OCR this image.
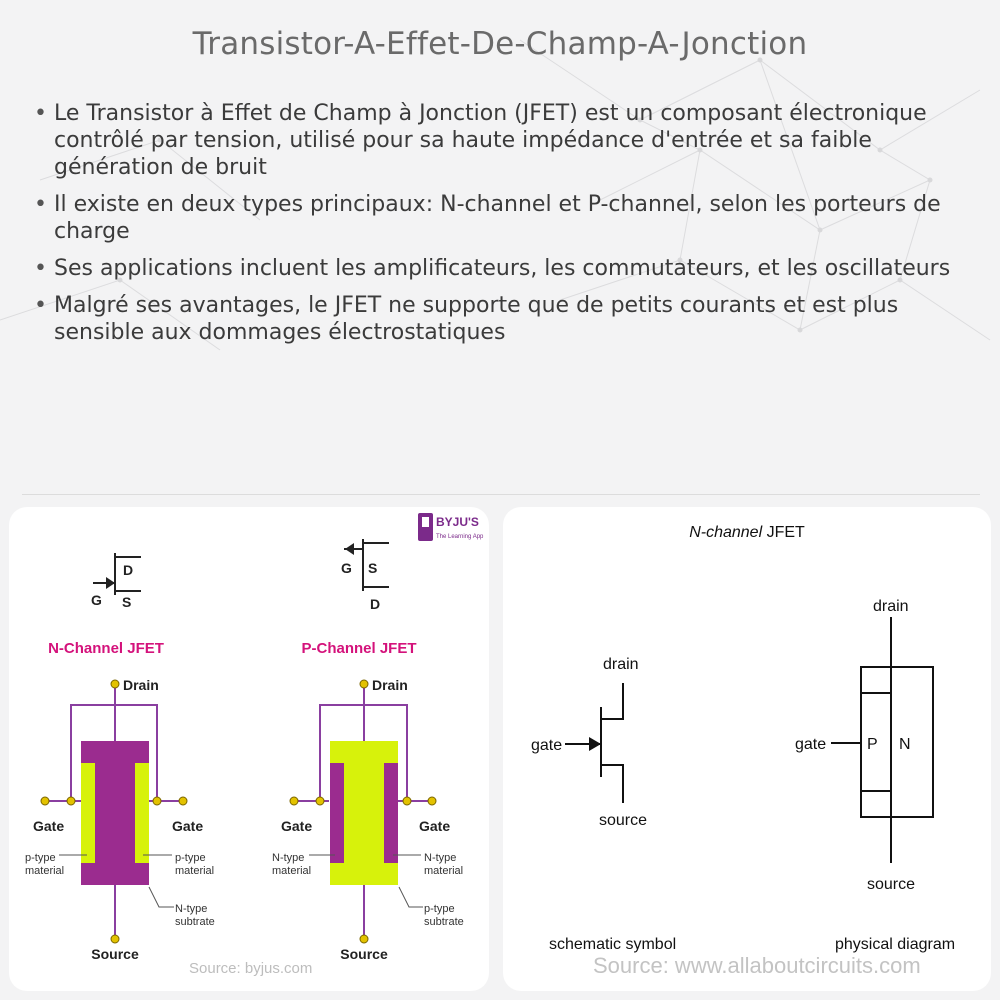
Transistor-A-Effet-De-Champ-A-Jonction
• Le Transistor à Effet de Champ à Jonction (JFET) est un composant électronique contrôlé par tension, utilisé pour sa haute impédance d'entrée et sa faible génération de bruit
• Il existe en deux types principaux: N-channel et P-channel, selon les porteurs de charge
• Ses applications incluent les amplificateurs, les commutateurs, et les oscillateurs
• Malgré ses avantages, le JFET ne supporte que de petits courants et est plus sensible aux dommages électrostatiques
BYJU'S
The Learning App
D
G S
G S
D
N-Channel JFET	P-Channel JFET
Drain
Gate	Gate
p-type
material
p-type
material
N-type
subtrate
Source
Drain
Gate	Gate
N-type
material
N-type
material
p-type
subtrate
Source
Source: byjus.com
N-channel JFET
drain
gate
source
schematic symbol
drain
gate	P N
source
physical diagram
Source: www.allaboutcircuits.com
